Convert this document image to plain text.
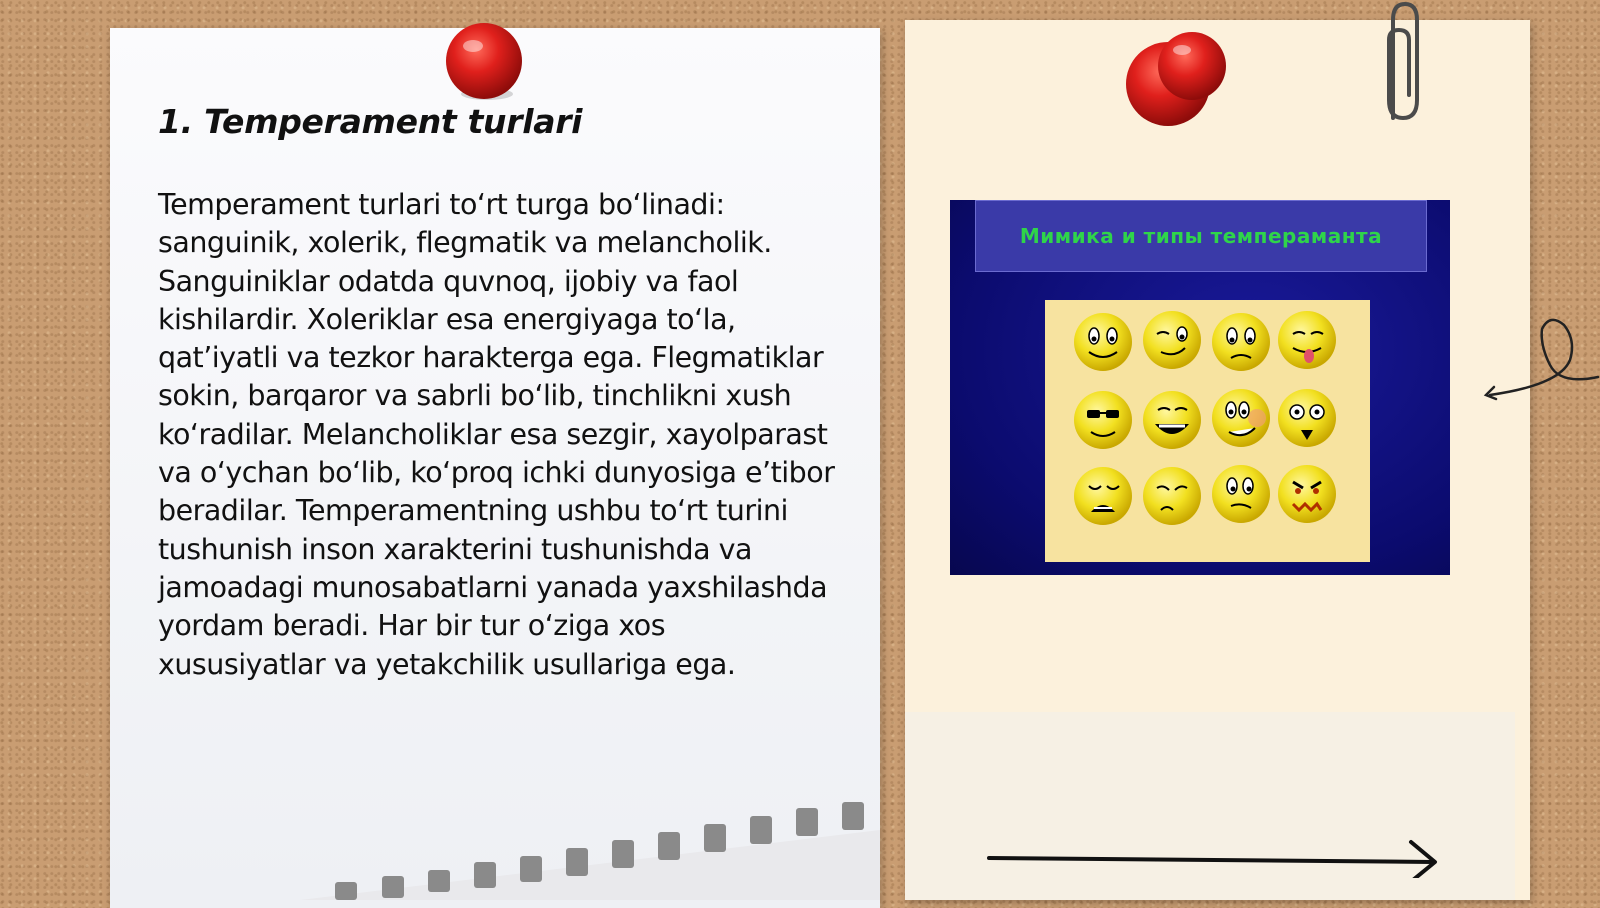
1. Temperament turlari

Temperament turlari to‘rt turga bo‘linadi: sanguinik, xolerik, flegmatik va melancholik. Sanguiniklar odatda quvnoq, ijobiy va faol kishilardir. Xoleriklar esa energiyaga to‘la, qat’iyatli va tezkor harakterga ega. Flegmatiklar sokin, barqaror va sabrli bo‘lib, tinchlikni xush ko‘radilar. Melancholiklar esa sezgir, xayolparast va o‘ychan bo‘lib, ko‘proq ichki dunyosiga e’tibor beradilar. Temperamentning ushbu to‘rt turini tushunish inson xarakterini tushunishda va jamoadagi munosabatlarni yanada yaxshilashda yordam beradi. Har bir tur o‘ziga xos xususiyatlar va yetakchilik usullariga ega.

Мимика и типы темпераманта
